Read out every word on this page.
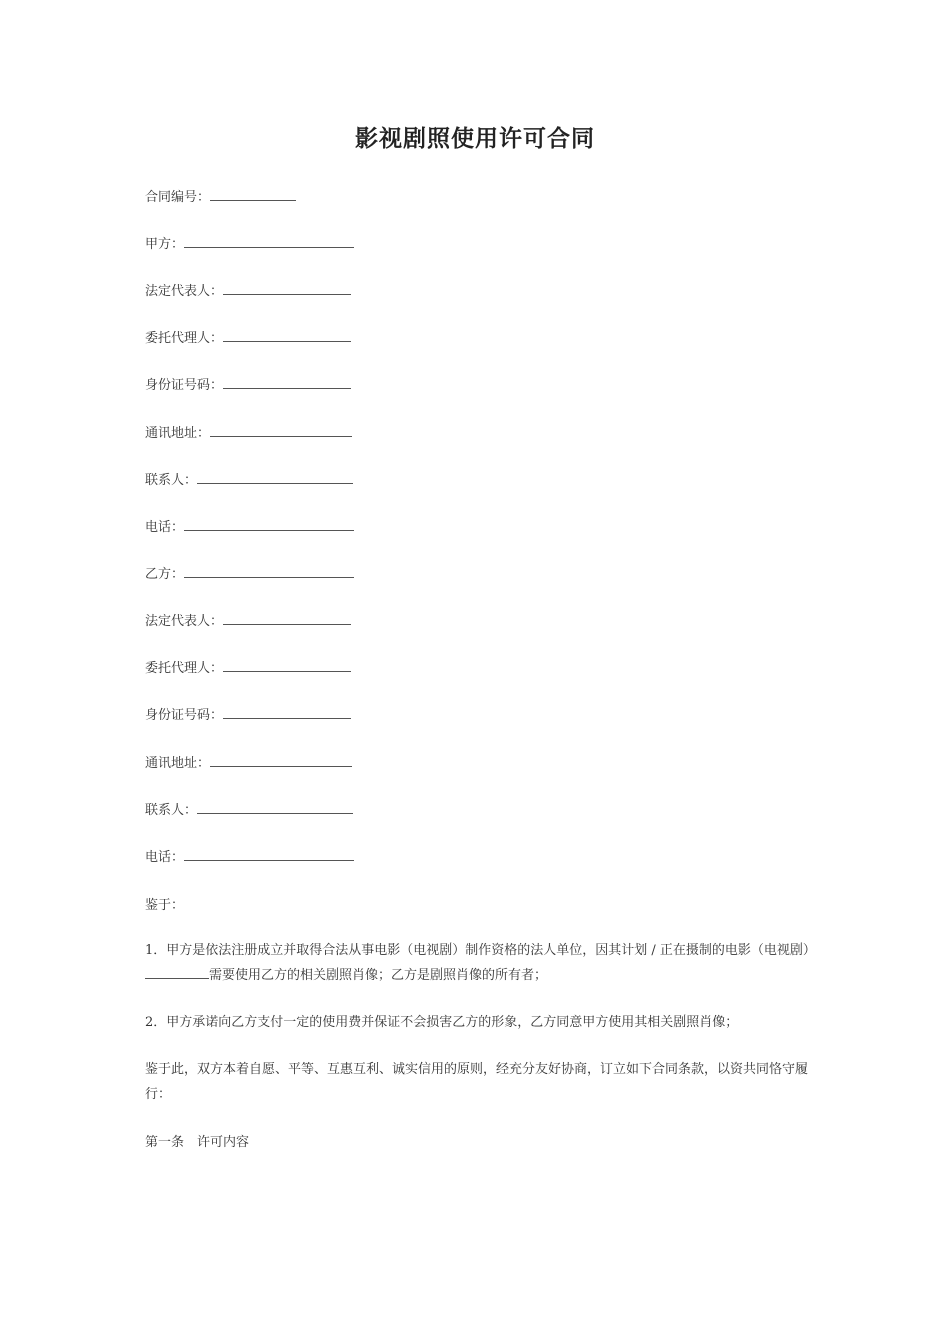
影视剧照使用许可合同
合同编号：
甲方：
法定代表人：
委托代理人：
身份证号码：
通讯地址：
联系人：
电话：
乙方：
法定代表人：
委托代理人：
身份证号码：
通讯地址：
联系人：
电话：
鉴于：
1．甲方是依法注册成立并取得合法从事电影（电视剧）制作资格的法人单位，因其计划 / 正在摄制的电影（电视剧）需要使用乙方的相关剧照肖像；乙方是剧照肖像的所有者；
2．甲方承诺向乙方支付一定的使用费并保证不会损害乙方的形象，乙方同意甲方使用其相关剧照肖像；
鉴于此，双方本着自愿、平等、互惠互利、诚实信用的原则，经充分友好协商，订立如下合同条款，以资共同恪守履行：
第一条　许可内容
